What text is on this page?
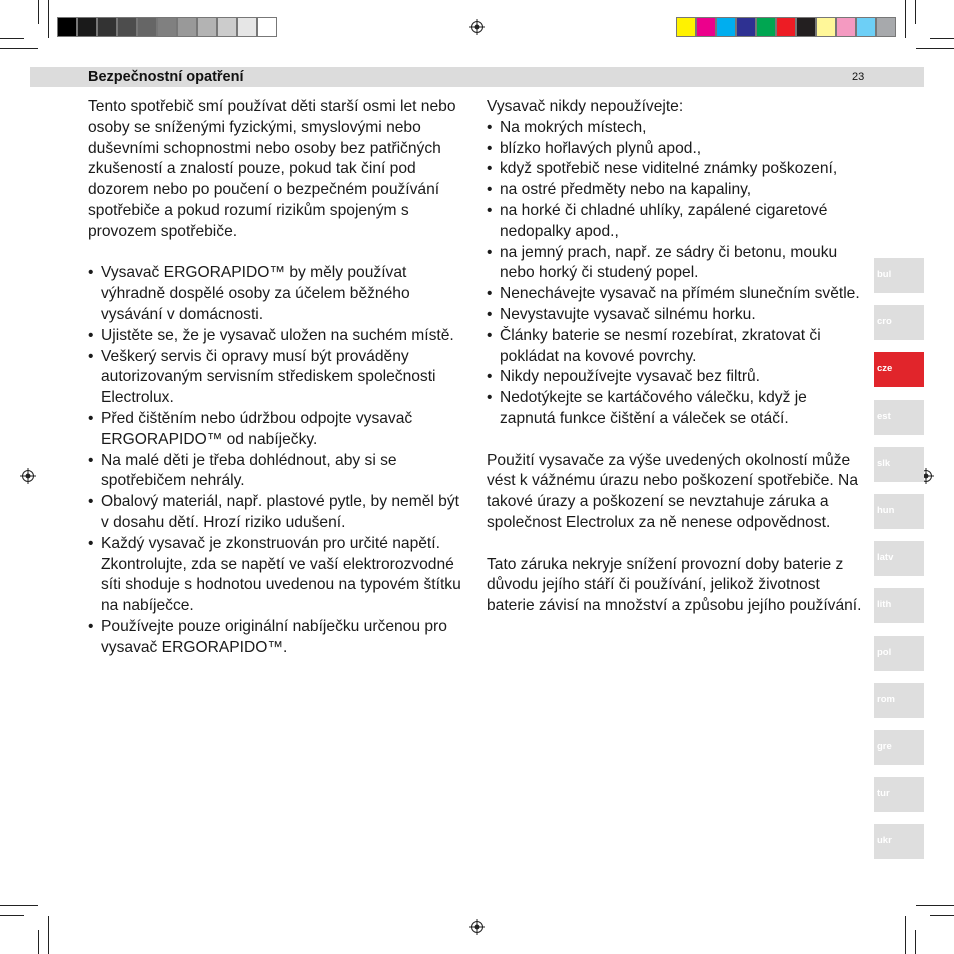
Bezpečnostní opatření	23

Tento spotřebič smí používat děti starší osmi let nebo osoby se sníženými fyzickými, smyslovými nebo duševními schopnostmi nebo osoby bez patřičných zkušeností a znalostí pouze, pokud tak činí pod dozorem nebo po poučení o bezpečném používání spotřebiče a pokud rozumí rizikům spojeným s provozem spotřebiče.

• Vysavač ERGORAPIDO™ by měly používat výhradně dospělé osoby za účelem běžného vysávání v domácnosti.
• Ujistěte se, že je vysavač uložen na suchém místě.
• Veškerý servis či opravy musí být prováděny autorizovaným servisním střediskem společnosti Electrolux.
• Před čištěním nebo údržbou odpojte vysavač ERGORAPIDO™ od nabíječky.
• Na malé děti je třeba dohlédnout, aby si se spotřebičem nehrály.
• Obalový materiál, např. plastové pytle, by neměl být v dosahu dětí. Hrozí riziko udušení.
• Každý vysavač je zkonstruován pro určité napětí. Zkontrolujte, zda se napětí ve vaší elektrorozvodné síti shoduje s hodnotou uvedenou na typovém štítku na nabíječce.
• Používejte pouze originální nabíječku určenou pro vysavač ERGORAPIDO™.

Vysavač nikdy nepoužívejte:

• Na mokrých místech,
• blízko hořlavých plynů apod.,
• když spotřebič nese viditelné známky poškození,
• na ostré předměty nebo na kapaliny,
• na horké či chladné uhlíky, zapálené cigaretové nedopalky apod.,
• na jemný prach, např. ze sádry či betonu, mouku nebo horký či studený popel.
• Nenechávejte vysavač na přímém slunečním světle.
• Nevystavujte vysavač silnému horku.
• Články baterie se nesmí rozebírat, zkratovat či pokládat na kovové povrchy.
• Nikdy nepoužívejte vysavač bez filtrů.
• Nedotýkejte se kartáčového válečku, když je zapnutá funkce čištění a váleček se otáčí.

Použití vysavače za výše uvedených okolností může vést k vážnému úrazu nebo poškození spotřebiče. Na takové úrazy a poškození se nevztahuje záruka a společnost Electrolux za ně nenese odpovědnost.

Tato záruka nekryje snížení provozní doby baterie z důvodu jejího stáří či používání, jelikož životnost baterie závisí na množství a způsobu jejího používání.

bul
cro
cze
est
slk
hun
latv
lith
pol
rom
gre
tur
ukr
